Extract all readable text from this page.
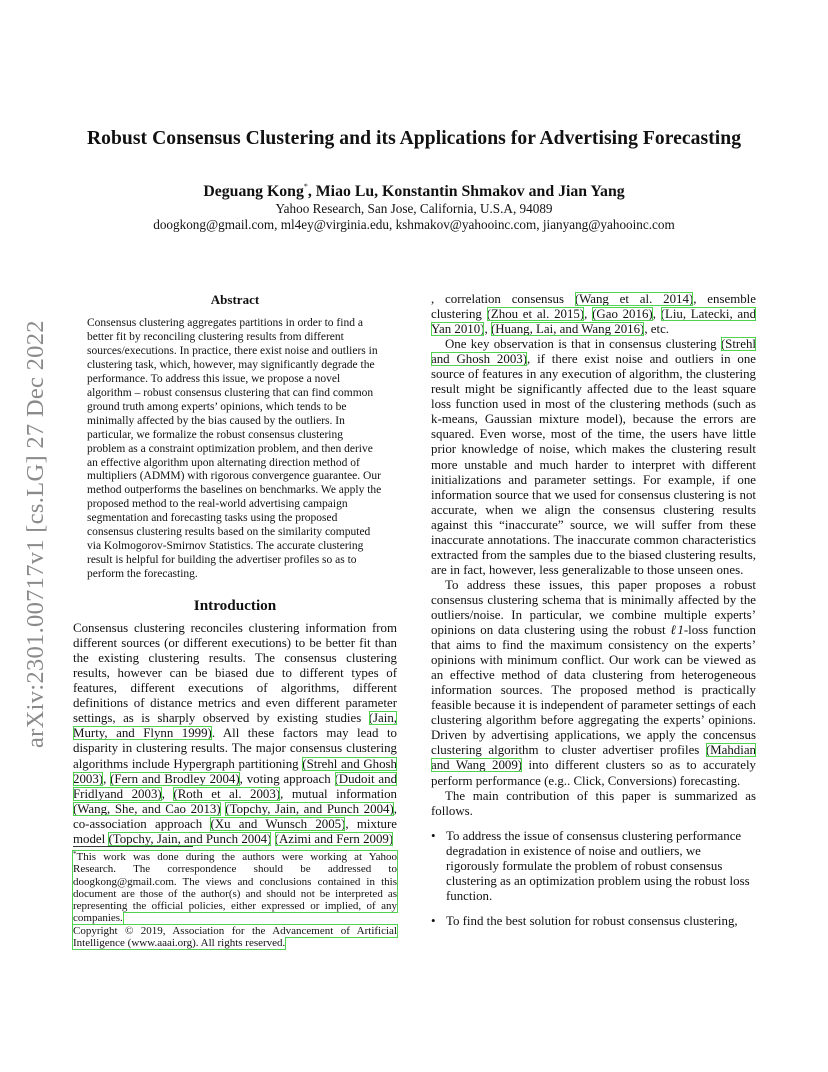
arXiv:2301.00717v1 [cs.LG] 27 Dec 2022
Robust Consensus Clustering and its Applications for Advertising Forecasting
Deguang Kong*, Miao Lu, Konstantin Shmakov and Jian Yang
Yahoo Research, San Jose, California, U.S.A, 94089
doogkong@gmail.com, ml4ey@virginia.edu, kshmakov@yahooinc.com, jianyang@yahooinc.com
Abstract
Consensus clustering aggregates partitions in order to find a better fit by reconciling clustering results from different sources/executions. In practice, there exist noise and outliers in clustering task, which, however, may significantly degrade the performance. To address this issue, we propose a novel algorithm – robust consensus clustering that can find common ground truth among experts’ opinions, which tends to be minimally affected by the bias caused by the outliers. In particular, we formalize the robust consensus clustering problem as a constraint optimization problem, and then derive an effective algorithm upon alternating direction method of multipliers (ADMM) with rigorous convergence guarantee. Our method outperforms the baselines on benchmarks. We apply the proposed method to the real-world advertising campaign segmentation and forecasting tasks using the proposed consensus clustering results based on the similarity computed via Kolmogorov-Smirnov Statistics. The accurate clustering result is helpful for building the advertiser profiles so as to perform the forecasting.
Introduction

Consensus clustering reconciles clustering information from different sources (or different executions) to be better fit than the existing clustering results. The consensus clustering results, however can be biased due to different types of features, different executions of algorithms, different definitions of distance metrics and even different parameter settings, as is sharply observed by existing studies (Jain, Murty, and Flynn 1999). All these factors may lead to disparity in clustering results. The major consensus clustering algorithms include Hypergraph partitioning (Strehl and Ghosh 2003), (Fern and Brodley 2004), voting approach (Dudoit and Fridlyand 2003), (Roth et al. 2003), mutual information (Wang, She, and Cao 2013) (Topchy, Jain, and Punch 2004), co-association approach (Xu and Wunsch 2005), mixture model (Topchy, Jain, and Punch 2004) (Azimi and Fern 2009)

*This work was done during the authors were working at Yahoo Research. The correspondence should be addressed to doogkong@gmail.com. The views and conclusions contained in this document are those of the author(s) and should not be interpreted as representing the official policies, either expressed or implied, of any companies.
Copyright © 2019, Association for the Advancement of Artificial Intelligence (www.aaai.org). All rights reserved.

, correlation consensus (Wang et al. 2014), ensemble clustering (Zhou et al. 2015), (Gao 2016), (Liu, Latecki, and Yan 2010), (Huang, Lai, and Wang 2016), etc.

One key observation is that in consensus clustering (Strehl and Ghosh 2003), if there exist noise and outliers in one source of features in any execution of algorithm, the clustering result might be significantly affected due to the least square loss function used in most of the clustering methods (such as k-means, Gaussian mixture model), because the errors are squared. Even worse, most of the time, the users have little prior knowledge of noise, which makes the clustering result more unstable and much harder to interpret with different initializations and parameter settings. For example, if one information source that we used for consensus clustering is not accurate, when we align the consensus clustering results against this “inaccurate” source, we will suffer from these inaccurate annotations. The inaccurate common characteristics extracted from the samples due to the biased clustering results, are in fact, however, less generalizable to those unseen ones.

To address these issues, this paper proposes a robust consensus clustering schema that is minimally affected by the outliers/noise. In particular, we combine multiple experts’ opinions on data clustering using the robust ℓ1-loss function that aims to find the maximum consistency on the experts’ opinions with minimum conflict. Our work can be viewed as an effective method of data clustering from heterogeneous information sources. The proposed method is practically feasible because it is independent of parameter settings of each clustering algorithm before aggregating the experts’ opinions. Driven by advertising applications, we apply the concensus clustering algorithm to cluster advertiser profiles (Mahdian and Wang 2009) into different clusters so as to accurately perform performance (e.g.. Click, Conversions) forecasting.

The main contribution of this paper is summarized as follows.

• To address the issue of consensus clustering performance degradation in existence of noise and outliers, we rigorously formulate the problem of robust consensus clustering as an optimization problem using the robust loss function.
• To find the best solution for robust consensus clustering,
